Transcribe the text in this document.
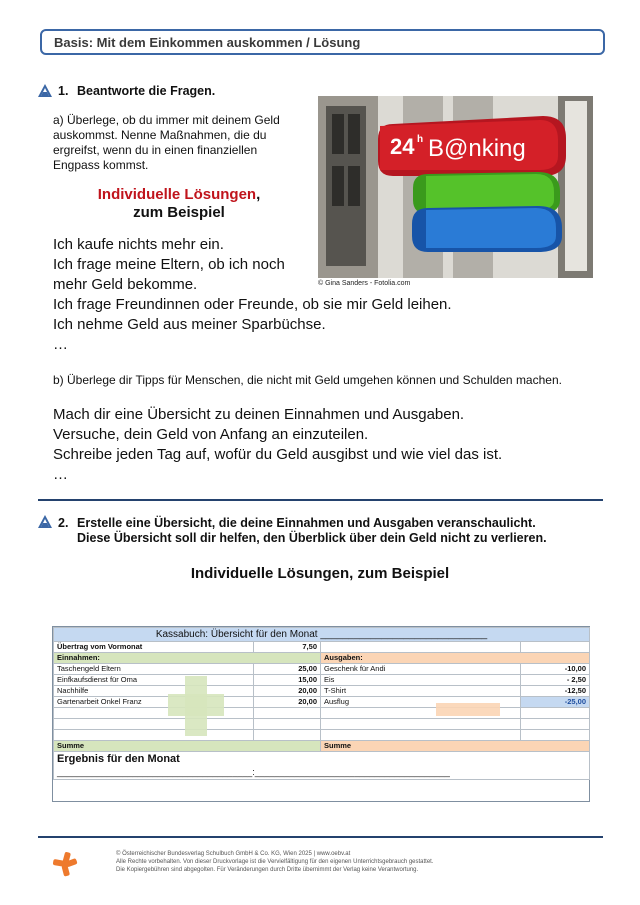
Basis: Mit dem Einkommen auskommen / Lösung
1. Beantworte die Fragen.
a) Überlege, ob du immer mit deinem Geld
auskommst. Nenne Maßnahmen, die du
ergreifst, wenn du in einen finanziellen
Engpass kommst.
Individuelle Lösungen,
zum Beispiel
Ich kaufe nichts mehr ein.
Ich frage meine Eltern, ob ich noch
mehr Geld bekomme.
Ich frage Freundinnen oder Freunde, ob sie mir Geld leihen.
Ich nehme Geld aus meiner Sparbüchse.
…
24 h B@nking
© Gina Sanders - Fotolia.com
b) Überlege dir Tipps für Menschen, die nicht mit Geld umgehen können und Schulden machen.
Mach dir eine Übersicht zu deinen Einnahmen und Ausgaben.
Versuche, dein Geld von Anfang an einzuteilen.
Schreibe jeden Tag auf, wofür du Geld ausgibst und wie viel das ist.
…
2. Erstelle eine Übersicht, die deine Einnahmen und Ausgaben veranschaulicht.
Diese Übersicht soll dir helfen, den Überblick über dein Geld nicht zu verlieren.
Individuelle Lösungen, zum Beispiel
Kassabuch: Übersicht für den Monat ______________________________			
Übertrag vom Vormonat	7,50		
Einnahmen:		Ausgaben:	
Taschengeld Eltern	25,00	Geschenk für Andi	-10,00
Einfkaufsdienst für Oma	15,00	Eis	- 2,50
Nachhilfe	20,00	T-Shirt	-12,50
Gartenarbeit Onkel Franz	20,00	Ausflug	-25,00

Summe		Summe	
Ergebnis für den Monat			
_______________________________________:_______________________________________			
© Österreichischer Bundesverlag Schulbuch GmbH & Co. KG, Wien 2025 | www.oebv.at
Alle Rechte vorbehalten. Von dieser Druckvorlage ist die Vervielfältigung für den eigenen Unterrichtsgebrauch gestattet.
Die Kopiergebühren sind abgegolten. Für Veränderungen durch Dritte übernimmt der Verlag keine Verantwortung.
